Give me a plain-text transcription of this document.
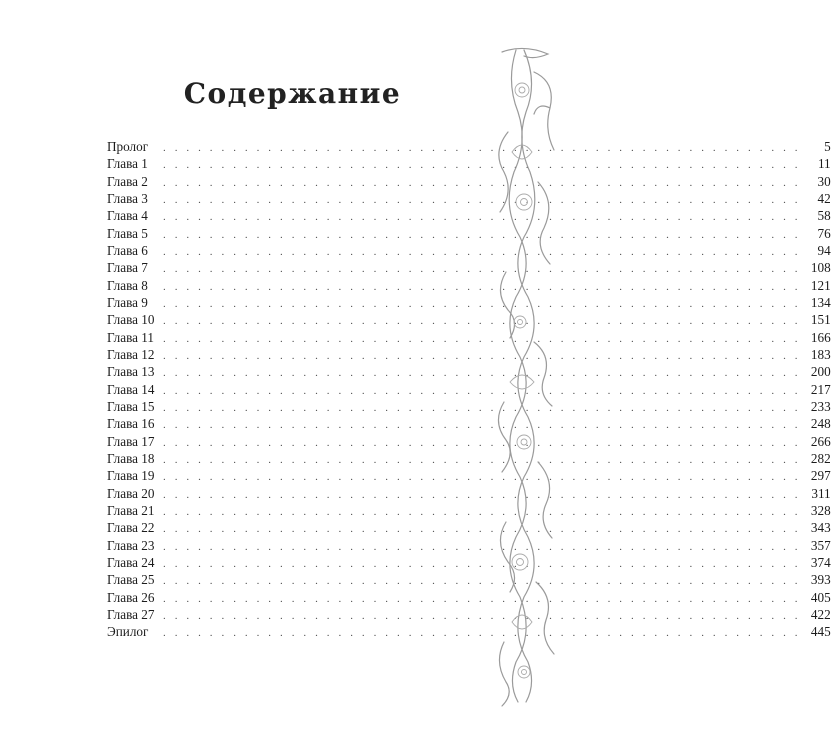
Содержание
Пролог	. . . . . . . . . . . . . . . . . . . . . . . . . . . . . . . . . . . . . . . . . . . . . . . . . . . . . . .	5
Глава 1	. . . . . . . . . . . . . . . . . . . . . . . . . . . . . . . . . . . . . . . . . . . . . . . . . . . . . . .	11
Глава 2	. . . . . . . . . . . . . . . . . . . . . . . . . . . . . . . . . . . . . . . . . . . . . . . . . . . . . . .	30
Глава 3	. . . . . . . . . . . . . . . . . . . . . . . . . . . . . . . . . . . . . . . . . . . . . . . . . . . . . . .	42
Глава 4	. . . . . . . . . . . . . . . . . . . . . . . . . . . . . . . . . . . . . . . . . . . . . . . . . . . . . . .	58
Глава 5	. . . . . . . . . . . . . . . . . . . . . . . . . . . . . . . . . . . . . . . . . . . . . . . . . . . . . . .	76
Глава 6	. . . . . . . . . . . . . . . . . . . . . . . . . . . . . . . . . . . . . . . . . . . . . . . . . . . . . . .	94
Глава 7	. . . . . . . . . . . . . . . . . . . . . . . . . . . . . . . . . . . . . . . . . . . . . . . . . . . . . . . 108
Глава 8	. . . . . . . . . . . . . . . . . . . . . . . . . . . . . . . . . . . . . . . . . . . . . . . . . . . . . . . 121
Глава 9	. . . . . . . . . . . . . . . . . . . . . . . . . . . . . . . . . . . . . . . . . . . . . . . . . . . . . . . 134
Глава 10 . . . . . . . . . . . . . . . . . . . . . . . . . . . . . . . . . . . . . . . . . . . . . . . . . . . . . . . 151
Глава 11 . . . . . . . . . . . . . . . . . . . . . . . . . . . . . . . . . . . . . . . . . . . . . . . . . . . . . . . 166
Глава 12 . . . . . . . . . . . . . . . . . . . . . . . . . . . . . . . . . . . . . . . . . . . . . . . . . . . . . . . 183
Глава 13 . . . . . . . . . . . . . . . . . . . . . . . . . . . . . . . . . . . . . . . . . . . . . . . . . . . . . . . 200
Глава 14 . . . . . . . . . . . . . . . . . . . . . . . . . . . . . . . . . . . . . . . . . . . . . . . . . . . . . . . 217
Глава 15 . . . . . . . . . . . . . . . . . . . . . . . . . . . . . . . . . . . . . . . . . . . . . . . . . . . . . . . 233
Глава 16 . . . . . . . . . . . . . . . . . . . . . . . . . . . . . . . . . . . . . . . . . . . . . . . . . . . . . . . 248
Глава 17 . . . . . . . . . . . . . . . . . . . . . . . . . . . . . . . . . . . . . . . . . . . . . . . . . . . . . . . 266
Глава 18 . . . . . . . . . . . . . . . . . . . . . . . . . . . . . . . . . . . . . . . . . . . . . . . . . . . . . . . 282
Глава 19 . . . . . . . . . . . . . . . . . . . . . . . . . . . . . . . . . . . . . . . . . . . . . . . . . . . . . . . 297
Глава 20 . . . . . . . . . . . . . . . . . . . . . . . . . . . . . . . . . . . . . . . . . . . . . . . . . . . . . . . 311
Глава 21 . . . . . . . . . . . . . . . . . . . . . . . . . . . . . . . . . . . . . . . . . . . . . . . . . . . . . . . 328
Глава 22 . . . . . . . . . . . . . . . . . . . . . . . . . . . . . . . . . . . . . . . . . . . . . . . . . . . . . . . 343
Глава 23 . . . . . . . . . . . . . . . . . . . . . . . . . . . . . . . . . . . . . . . . . . . . . . . . . . . . . . . 357
Глава 24 . . . . . . . . . . . . . . . . . . . . . . . . . . . . . . . . . . . . . . . . . . . . . . . . . . . . . . . 374
Глава 25 . . . . . . . . . . . . . . . . . . . . . . . . . . . . . . . . . . . . . . . . . . . . . . . . . . . . . . . 393
Глава 26 . . . . . . . . . . . . . . . . . . . . . . . . . . . . . . . . . . . . . . . . . . . . . . . . . . . . . . . 405
Глава 27 . . . . . . . . . . . . . . . . . . . . . . . . . . . . . . . . . . . . . . . . . . . . . . . . . . . . . . . 422
Эпилог	. . . . . . . . . . . . . . . . . . . . . . . . . . . . . . . . . . . . . . . . . . . . . . . . . . . . . . . 445
